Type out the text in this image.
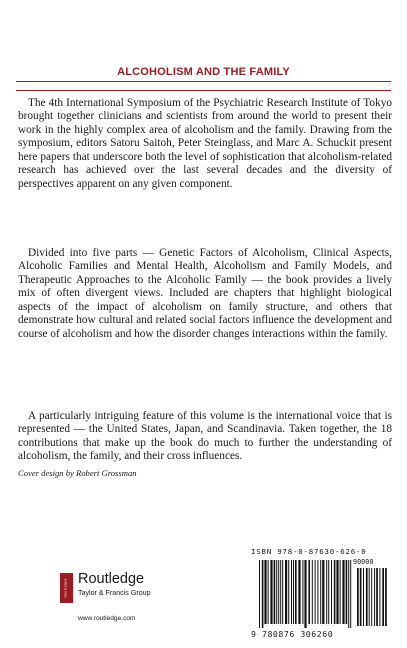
ALCOHOLISM AND THE FAMILY

The 4th International Symposium of the Psychiatric Research Institute of Tokyo brought together clinicians and scientists from around the world to present their work in the highly complex area of alcoholism and the family. Drawing from the symposium, editors Satoru Saitoh, Peter Steinglass, and Marc A. Schuckit present here papers that underscore both the level of sophistication that alcoholism-related research has achieved over the last several decades and the diversity of perspectives apparent on any given component.

Divided into five parts — Genetic Factors of Alcoholism, Clinical Aspects, Alcoholic Families and Mental Health, Alcoholism and Family Models, and Therapeutic Approaches to the Alcoholic Family — the book provides a lively mix of often divergent views. Included are chapters that highlight biological aspects of the impact of alcoholism on family structure, and others that demonstrate how cultural and related social factors influence the development and course of alcoholism and how the disorder changes interactions within the family.

A particularly intriguing feature of this volume is the international voice that is represented — the United States, Japan, and Scandinavia. Taken together, the 18 contributions that make up the book do much to further the understanding of alcoholism, the family, and their cross influences.

Cover design by Robert Grossman
ROUTLEDGE Routledge
Taylor & Francis Group
www.routledge.com
ISBN 978-0-87630-626-0
90000
9 780876 306260
